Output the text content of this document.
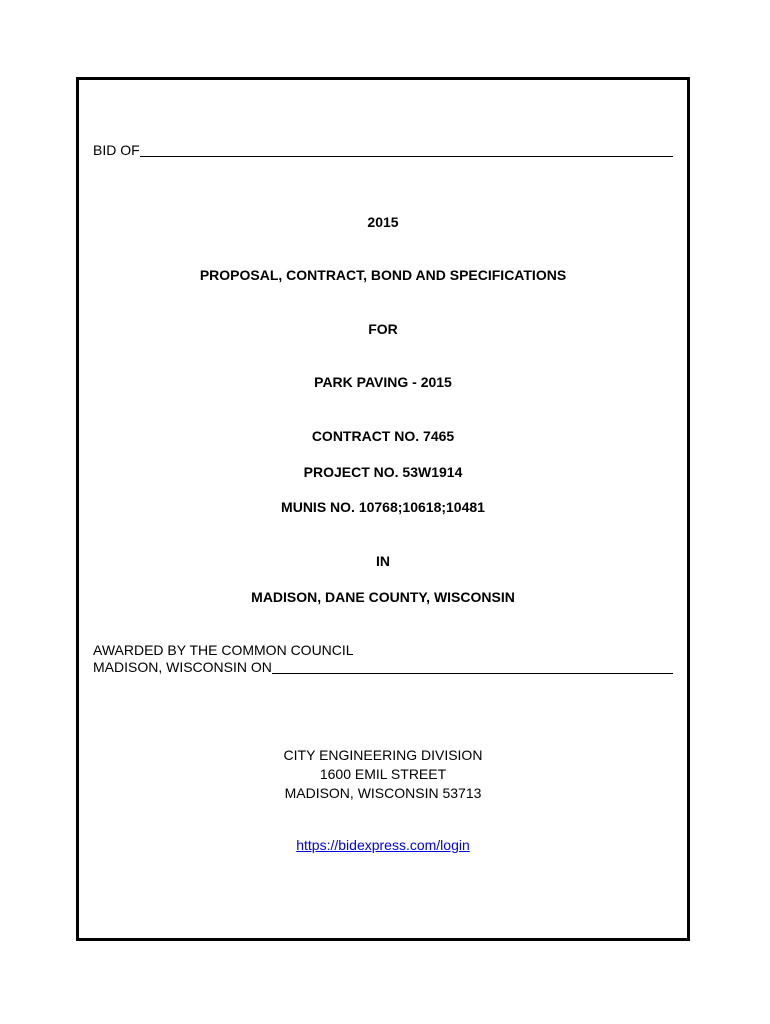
BID OF
2015
PROPOSAL, CONTRACT, BOND AND SPECIFICATIONS
FOR
PARK PAVING - 2015
CONTRACT NO. 7465
PROJECT NO. 53W1914
MUNIS NO. 10768;10618;10481
IN
MADISON, DANE COUNTY, WISCONSIN
AWARDED BY THE COMMON COUNCIL
MADISON, WISCONSIN ON
CITY ENGINEERING DIVISION
1600 EMIL STREET
MADISON, WISCONSIN 53713
https://bidexpress.com/login
